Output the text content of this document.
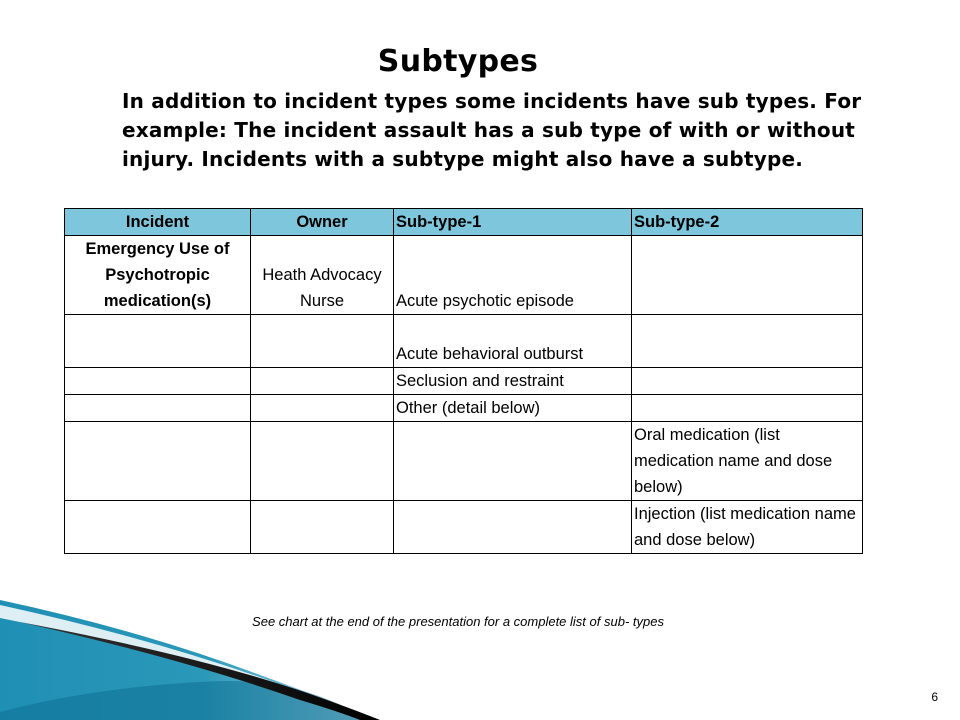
Subtypes
In addition to incident types some incidents have sub types. For example: The incident assault has a sub type of with or without injury. Incidents with a subtype might also have a subtype.
Incident	Owner	Sub-type-1	Sub-type-2
Emergency Use of Psychotropic medication(s)	Heath Advocacy Nurse	Acute psychotic episode	
		Acute behavioral outburst	
		Seclusion and restraint	
		Other (detail below)	
			Oral medication (list medication name and dose below)
			Injection (list medication name and dose below)
See chart at the end of the presentation for a complete list of sub- types
6
